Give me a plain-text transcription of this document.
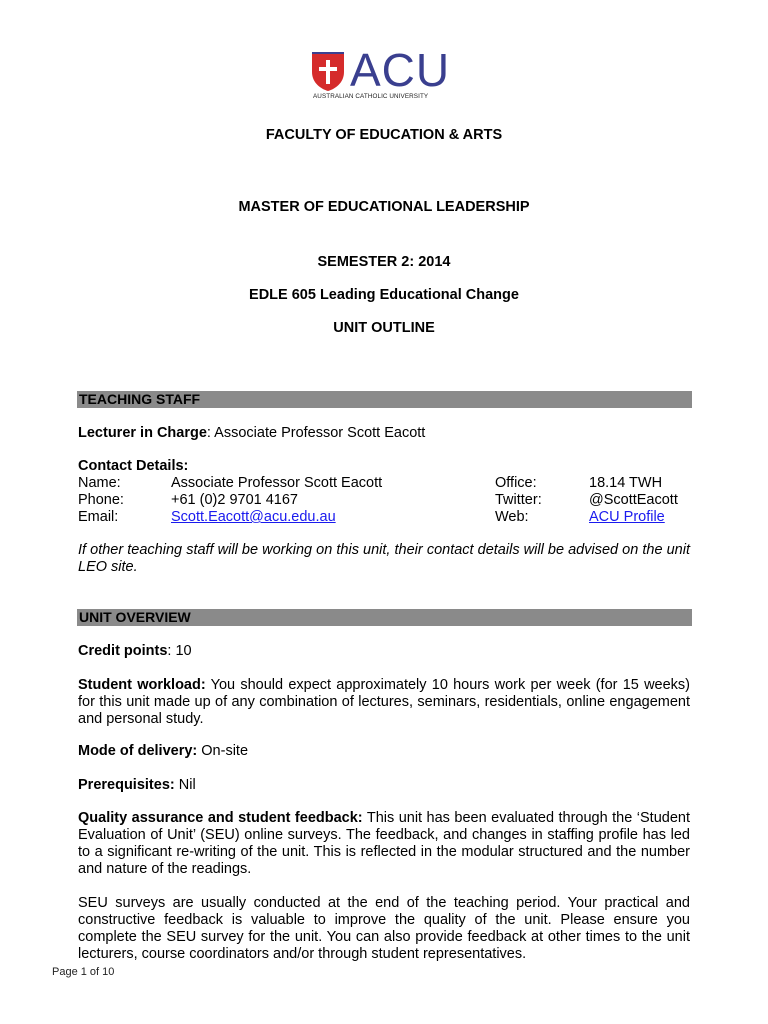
ACU
AUSTRALIAN CATHOLIC UNIVERSITY
FACULTY OF EDUCATION & ARTS
MASTER OF EDUCATIONAL LEADERSHIP
SEMESTER 2: 2014
EDLE 605 Leading Educational Change
UNIT OUTLINE
TEACHING STAFF
Lecturer in Charge: Associate Professor Scott Eacott
Contact Details:
Name:	Associate Professor Scott Eacott	Office:	18.14 TWH
Phone:	+61 (0)2 9701 4167	Twitter:	@ScottEacott
Email:	Scott.Eacott@acu.edu.au	Web:	ACU Profile
If other teaching staff will be working on this unit, their contact details will be advised on the unit LEO site.
UNIT OVERVIEW
Credit points: 10
Student workload: You should expect approximately 10 hours work per week (for 15 weeks) for this unit made up of any combination of lectures, seminars, residentials, online engagement and personal study.
Mode of delivery: On-site
Prerequisites: Nil
Quality assurance and student feedback: This unit has been evaluated through the ‘Student Evaluation of Unit’ (SEU) online surveys. The feedback, and changes in staffing profile has led to a significant re-writing of the unit. This is reflected in the modular structured and the number and nature of the readings.
SEU surveys are usually conducted at the end of the teaching period. Your practical and constructive feedback is valuable to improve the quality of the unit. Please ensure you complete the SEU survey for the unit. You can also provide feedback at other times to the unit lecturers, course coordinators and/or through student representatives.
Page 1 of 10
